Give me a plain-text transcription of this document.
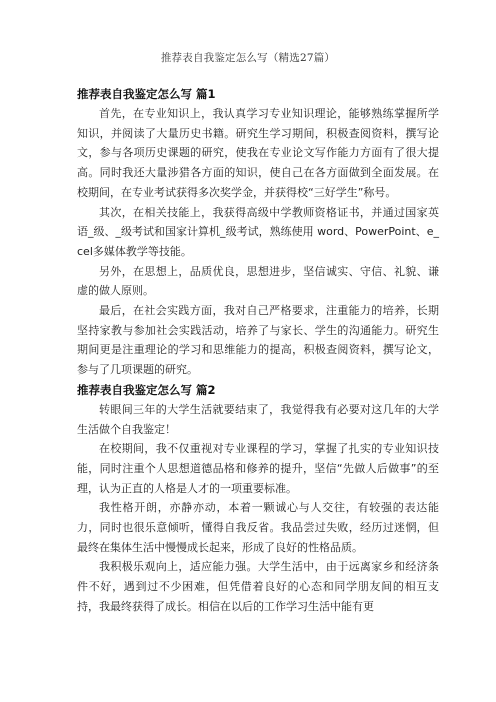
推荐表自我鉴定怎么写（精选27篇）
推荐表自我鉴定怎么写 篇1

首先，在专业知识上，我认真学习专业知识理论，能够熟练掌握所学知识，并阅读了大量历史书籍。研究生学习期间，积极查阅资料，撰写论文，参与各项历史课题的研究，使我在专业论文写作能力方面有了很大提高。同时我还大量涉猎各方面的知识，使自己在各方面做到全面发展。在校期间，在专业考试获得多次奖学金，并获得校“三好学生”称号。

其次，在相关技能上，我获得高级中学教师资格证书，并通过国家英语_级、_级考试和国家计算机_级考试，熟练使用 word、PowerPoint、e_cel多媒体教学等技能。

另外，在思想上，品质优良，思想进步，坚信诚实、守信、礼貌、谦虚的做人原则。

最后，在社会实践方面，我对自己严格要求，注重能力的培养，长期坚持家教与参加社会实践活动，培养了与家长、学生的沟通能力。研究生期间更是注重理论的学习和思维能力的提高，积极查阅资料，撰写论文，参与了几项课题的研究。

推荐表自我鉴定怎么写 篇2

转眼间三年的大学生活就要结束了，我觉得我有必要对这几年的大学生活做个自我鉴定！

在校期间，我不仅重视对专业课程的学习，掌握了扎实的专业知识技能，同时注重个人思想道德品格和修养的提升，坚信“先做人后做事”的至理，认为正直的人格是人才的一项重要标准。

我性格开朗，亦静亦动，本着一颗诚心与人交往，有较强的表达能力，同时也很乐意倾听，懂得自我反省。我品尝过失败，经历过迷惘，但最终在集体生活中慢慢成长起来，形成了良好的性格品质。

我积极乐观向上，适应能力强。大学生活中，由于远离家乡和经济条件不好，遇到过不少困难，但凭借着良好的心态和同学朋友间的相互支持，我最终获得了成长。相信在以后的工作学习生活中能有更
